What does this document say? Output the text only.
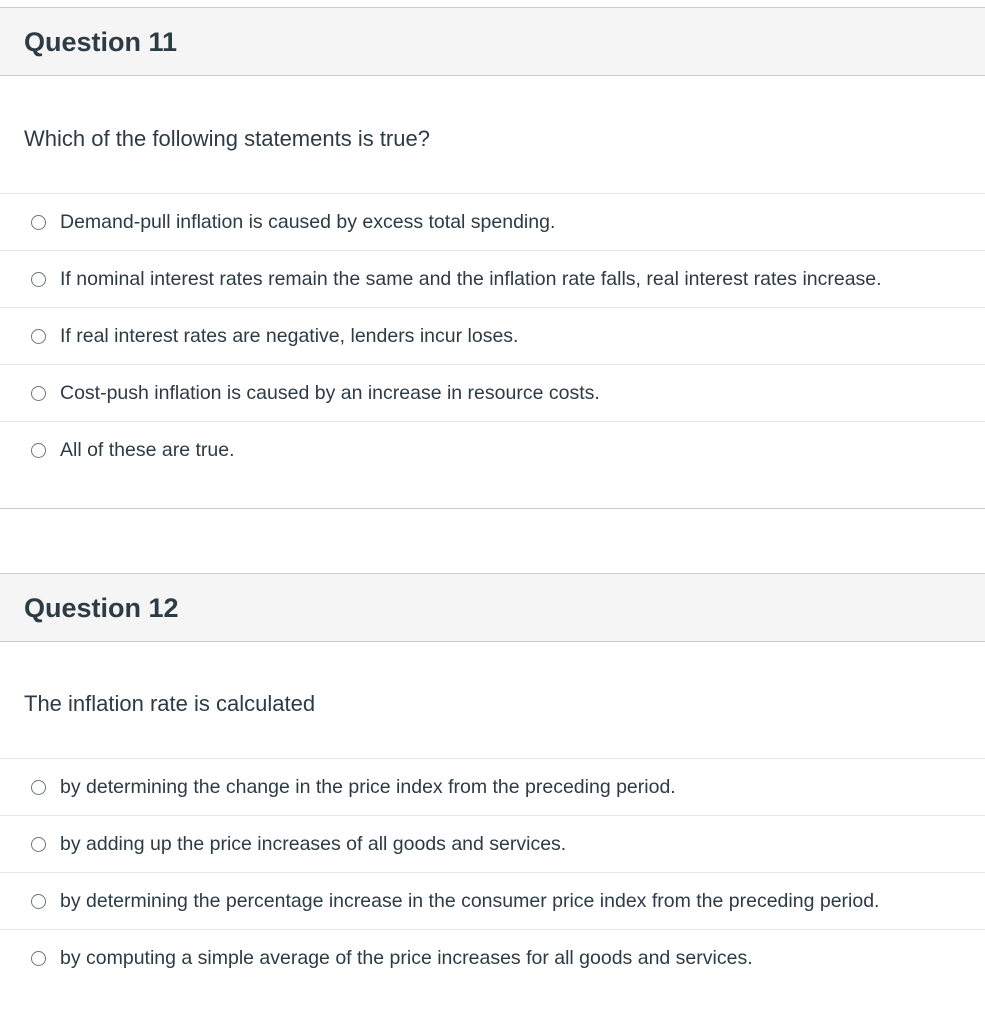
Question 11
Which of the following statements is true?
Demand-pull inflation is caused by excess total spending.
If nominal interest rates remain the same and the inflation rate falls, real interest rates increase.
If real interest rates are negative, lenders incur loses.
Cost-push inflation is caused by an increase in resource costs.
All of these are true.
Question 12
The inflation rate is calculated
by determining the change in the price index from the preceding period.
by adding up the price increases of all goods and services.
by determining the percentage increase in the consumer price index from the preceding period.
by computing a simple average of the price increases for all goods and services.
